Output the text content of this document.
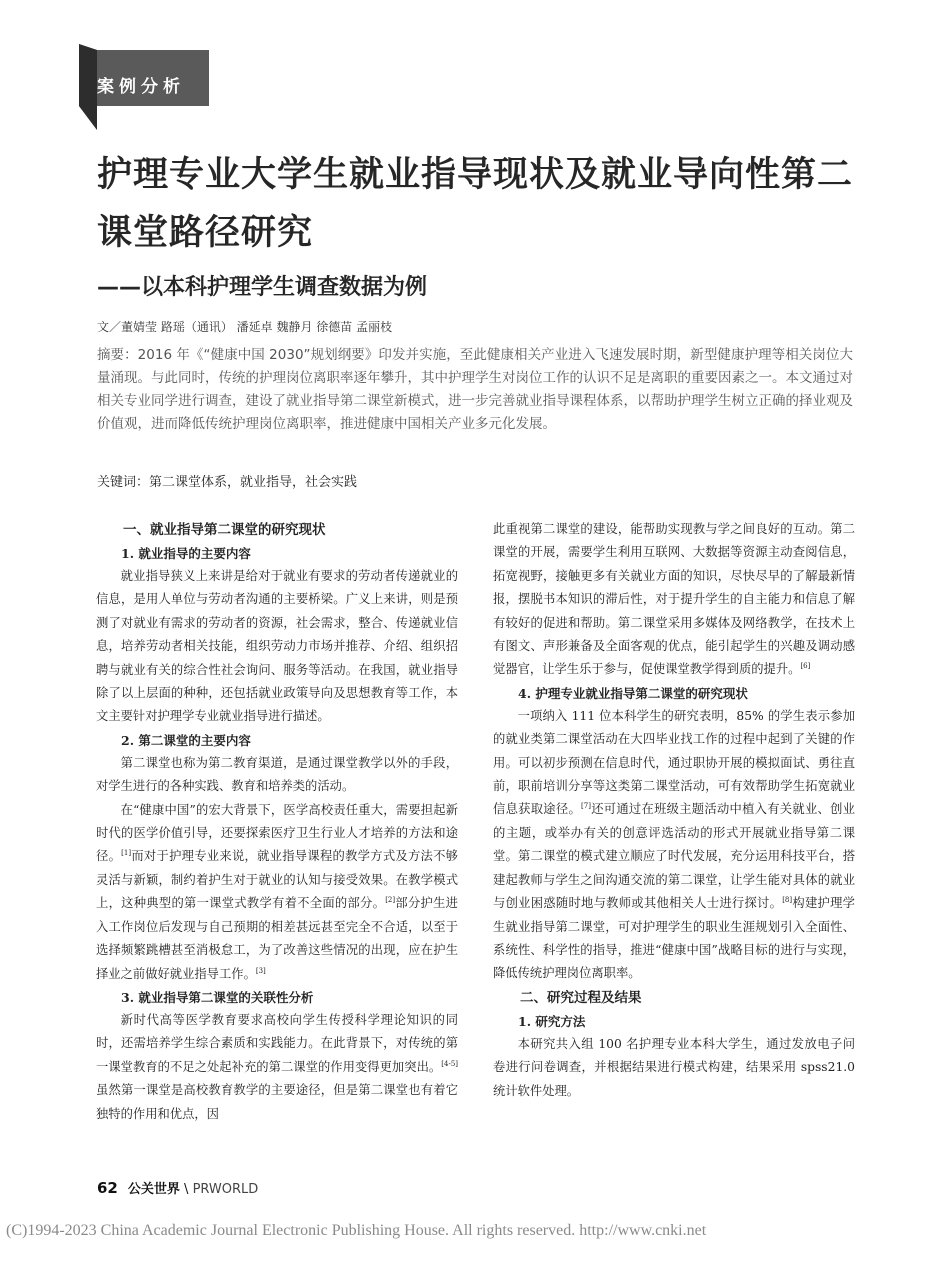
案例分析
护理专业大学生就业指导现状及就业导向性第二课堂路径研究
——以本科护理学生调查数据为例
文／董婧莹 路瑶（通讯） 潘延卓 魏静月 徐德苗 孟丽枝

摘要：2016 年《“健康中国 2030”规划纲要》印发并实施，至此健康相关产业进入飞速发展时期，新型健康护理等相关岗位大量涌现。与此同时，传统的护理岗位离职率逐年攀升，其中护理学生对岗位工作的认识不足是离职的重要因素之一。本文通过对相关专业同学进行调查，建设了就业指导第二课堂新模式，进一步完善就业指导课程体系，以帮助护理学生树立正确的择业观及价值观，进而降低传统护理岗位离职率，推进健康中国相关产业多元化发展。

关键词：第二课堂体系，就业指导，社会实践
一、就业指导第二课堂的研究现状
1. 就业指导的主要内容

就业指导狭义上来讲是给对于就业有要求的劳动者传递就业的信息，是用人单位与劳动者沟通的主要桥梁。广义上来讲，则是预测了对就业有需求的劳动者的资源，社会需求，整合、传递就业信息，培养劳动者相关技能，组织劳动力市场并推荐、介绍、组织招聘与就业有关的综合性社会询问、服务等活动。在我国，就业指导除了以上层面的种种，还包括就业政策导向及思想教育等工作，本文主要针对护理学专业就业指导进行描述。

2. 第二课堂的主要内容

第二课堂也称为第二教育渠道，是通过课堂教学以外的手段，对学生进行的各种实践、教育和培养类的活动。

在“健康中国”的宏大背景下，医学高校责任重大，需要担起新时代的医学价值引导，还要探索医疗卫生行业人才培养的方法和途径。[1]而对于护理专业来说，就业指导课程的教学方式及方法不够灵活与新颖，制约着护生对于就业的认知与接受效果。在教学模式上，这种典型的第一课堂式教学有着不全面的部分。[2]部分护生进入工作岗位后发现与自己预期的相差甚远甚至完全不合适，以至于选择频繁跳槽甚至消极怠工，为了改善这些情况的出现，应在护生择业之前做好就业指导工作。[3]

3. 就业指导第二课堂的关联性分析

新时代高等医学教育要求高校向学生传授科学理论知识的同时，还需培养学生综合素质和实践能力。在此背景下，对传统的第一课堂教育的不足之处起补充的第二课堂的作用变得更加突出。[4-5]虽然第一课堂是高校教育教学的主要途径，但是第二课堂也有着它独特的作用和优点，因

此重视第二课堂的建设，能帮助实现教与学之间良好的互动。第二课堂的开展，需要学生利用互联网、大数据等资源主动查阅信息，拓宽视野，接触更多有关就业方面的知识，尽快尽早的了解最新情报，摆脱书本知识的滞后性，对于提升学生的自主能力和信息了解有较好的促进和帮助。第二课堂采用多媒体及网络教学，在技术上有图文、声形兼备及全面客观的优点，能引起学生的兴趣及调动感觉器官，让学生乐于参与，促使课堂教学得到质的提升。[6]

4. 护理专业就业指导第二课堂的研究现状

一项纳入 111 位本科学生的研究表明，85% 的学生表示参加的就业类第二课堂活动在大四毕业找工作的过程中起到了关键的作用。可以初步预测在信息时代，通过职协开展的模拟面试、勇往直前，职前培训分享等这类第二课堂活动，可有效帮助学生拓宽就业信息获取途径。[7]还可通过在班级主题活动中植入有关就业、创业的主题，或举办有关的创意评选活动的形式开展就业指导第二课堂。第二课堂的模式建立顺应了时代发展，充分运用科技平台，搭建起教师与学生之间沟通交流的第二课堂，让学生能对具体的就业与创业困惑随时地与教师或其他相关人士进行探讨。[8]构建护理学生就业指导第二课堂，可对护理学生的职业生涯规划引入全面性、系统性、科学性的指导，推进“健康中国”战略目标的进行与实现，降低传统护理岗位离职率。

二、研究过程及结果
1. 研究方法

本研究共入组 100 名护理专业本科大学生，通过发放电子问卷进行问卷调查，并根据结果进行模式构建，结果采用 spss21.0 统计软件处理。

62 公关世界 \ PRWORLD
(C)1994-2023 China Academic Journal Electronic Publishing House. All rights reserved. http://www.cnki.net
